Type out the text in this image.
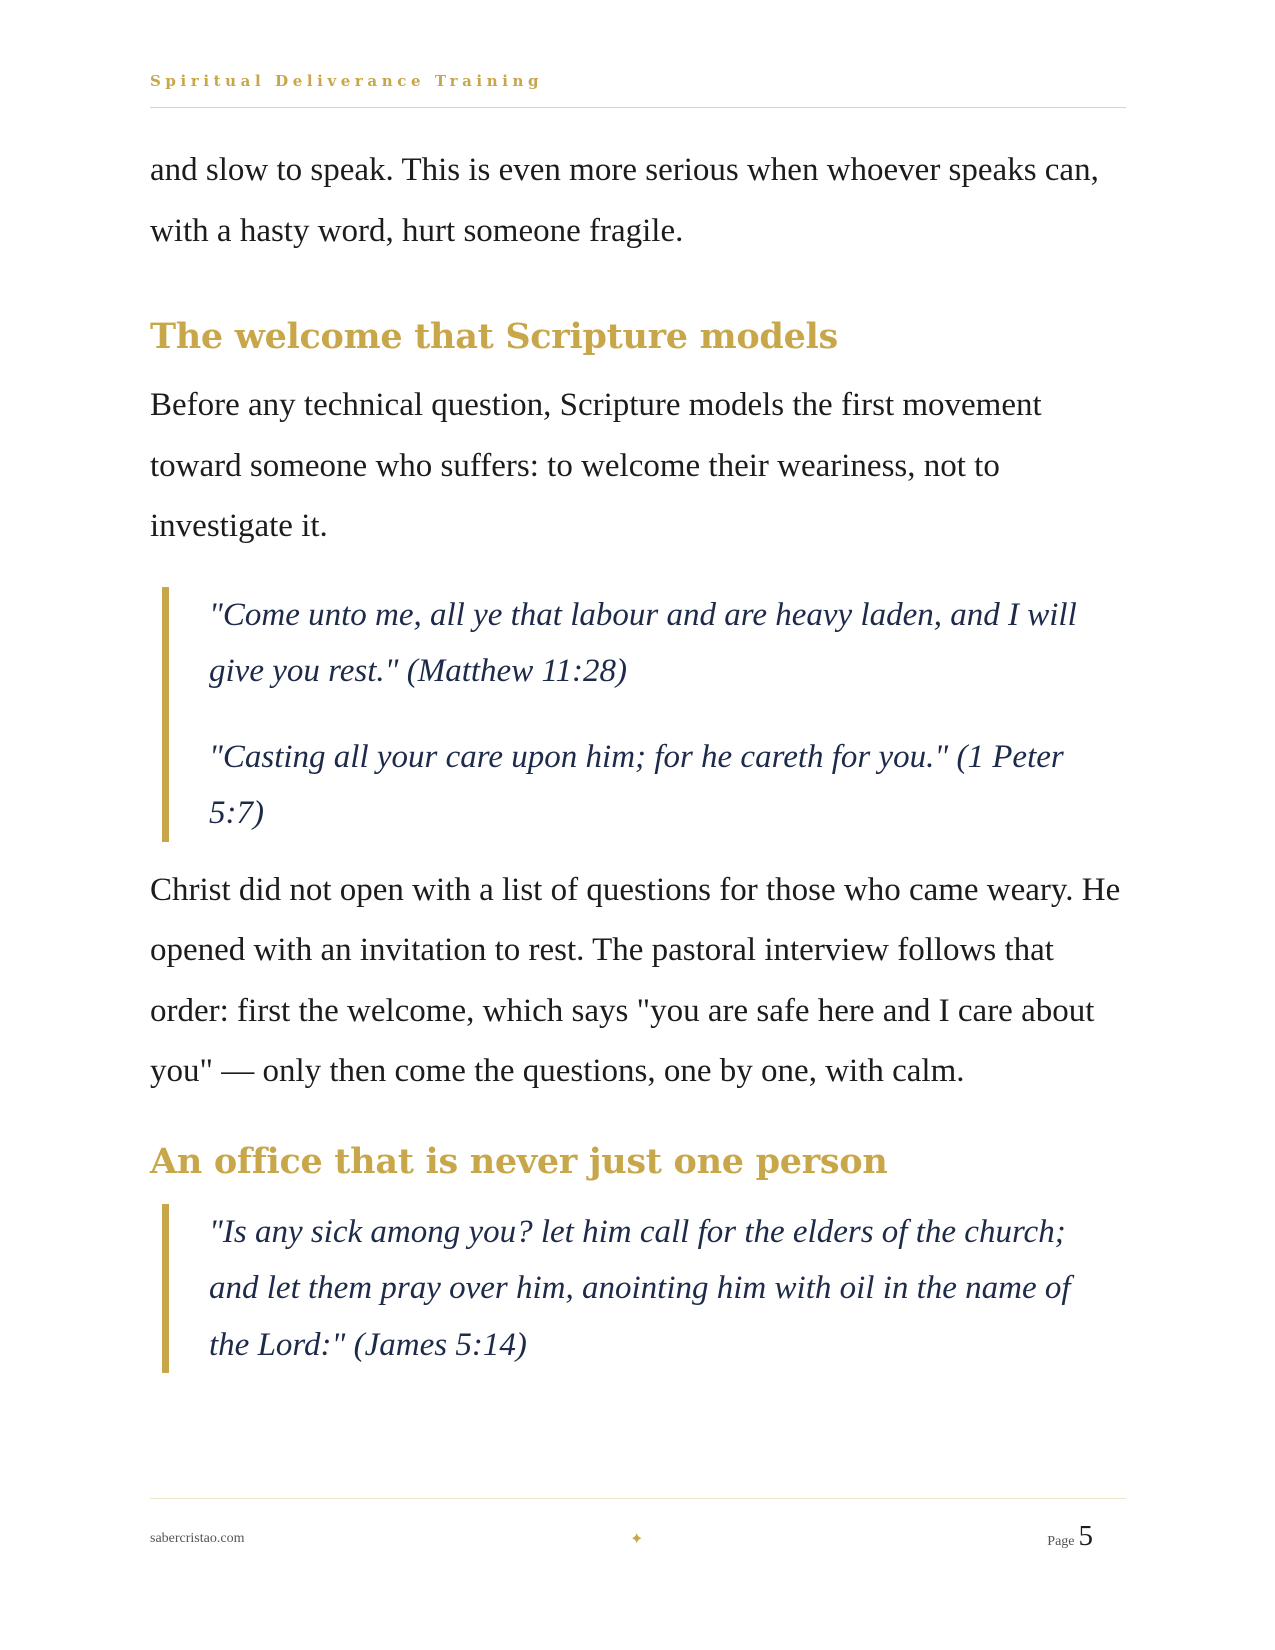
Spiritual Deliverance Training

and slow to speak. This is even more serious when whoever speaks can, with a hasty word, hurt someone fragile.

The welcome that Scripture models

Before any technical question, Scripture models the first movement toward someone who suffers: to welcome their weariness, not to investigate it.

"Come unto me, all ye that labour and are heavy laden, and I will give you rest." (Matthew 11:28)

"Casting all your care upon him; for he careth for you." (1 Peter 5:7)

Christ did not open with a list of questions for those who came weary. He opened with an invitation to rest. The pastoral interview follows that order: first the welcome, which says "you are safe here and I care about you" — only then come the questions, one by one, with calm.

An office that is never just one person

"Is any sick among you? let him call for the elders of the church; and let them pray over him, anointing him with oil in the name of the Lord:" (James 5:14)

sabercristao.com	✦	Page 5
